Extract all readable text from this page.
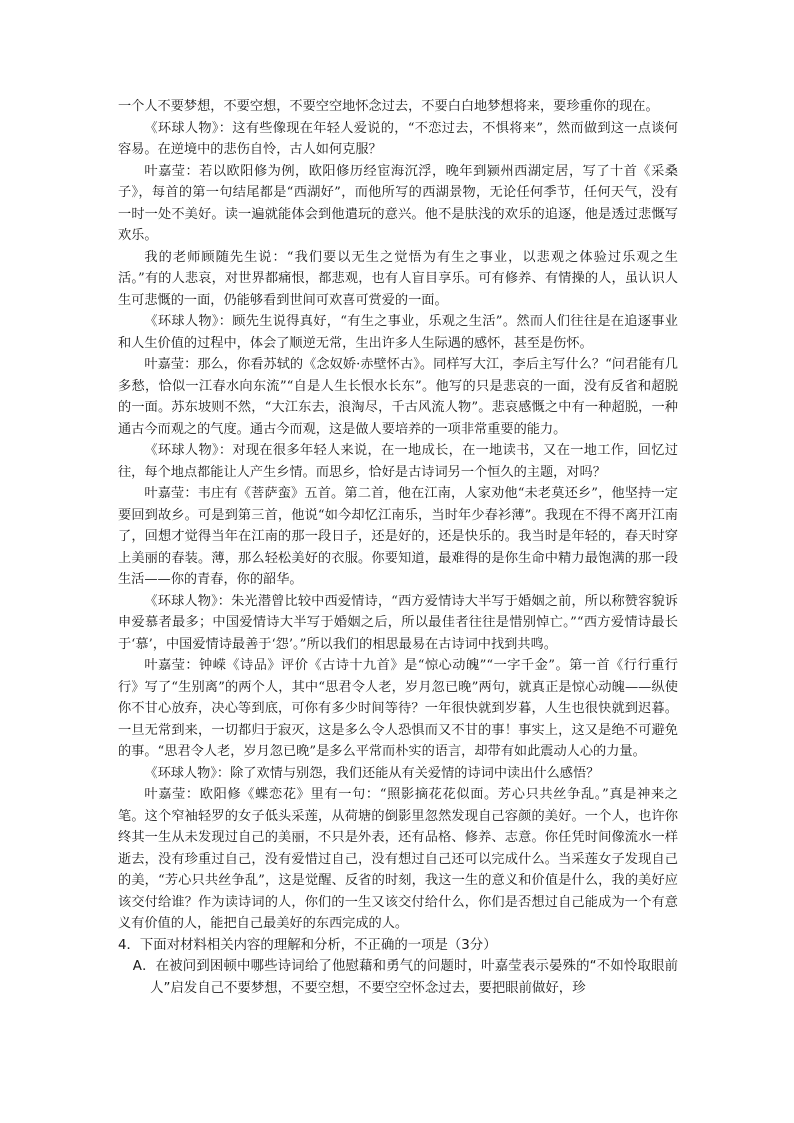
一个人不要梦想，不要空想，不要空空地怀念过去，不要白白地梦想将来，要珍重你的现在。

《环球人物》：这有些像现在年轻人爱说的，“不恋过去，不惧将来”，然而做到这一点谈何容易。在逆境中的悲伤自怜，古人如何克服？

叶嘉莹：若以欧阳修为例，欧阳修历经宦海沉浮，晚年到颍州西湖定居，写了十首《采桑子》，每首的第一句结尾都是“西湖好”，而他所写的西湖景物，无论任何季节，任何天气，没有一时一处不美好。读一遍就能体会到他遣玩的意兴。他不是肤浅的欢乐的追逐，他是透过悲慨写欢乐。

我的老师顾随先生说：“我们要以无生之觉悟为有生之事业，以悲观之体验过乐观之生活。”有的人悲哀，对世界都痛恨，都悲观，也有人盲目享乐。可有修养、有情操的人，虽认识人生可悲慨的一面，仍能够看到世间可欢喜可赏爱的一面。

《环球人物》：顾先生说得真好，“有生之事业，乐观之生活”。然而人们往往是在追逐事业和人生价值的过程中，体会了顺逆无常，生出许多人生际遇的感怀，甚至是伤怀。

叶嘉莹：那么，你看苏轼的《念奴娇·赤壁怀古》。同样写大江，李后主写什么？“问君能有几多愁，恰似一江春水向东流”“自是人生长恨水长东”。他写的只是悲哀的一面，没有反省和超脱的一面。苏东坡则不然，“大江东去，浪淘尽，千古风流人物”。悲哀感慨之中有一种超脱，一种通古今而观之的气度。通古今而观，这是做人要培养的一项非常重要的能力。

《环球人物》：对现在很多年轻人来说，在一地成长，在一地读书，又在一地工作，回忆过往，每个地点都能让人产生乡情。而思乡，恰好是古诗词另一个恒久的主题，对吗？

叶嘉莹：韦庄有《菩萨蛮》五首。第二首，他在江南，人家劝他“未老莫还乡”，他坚持一定要回到故乡。可是到第三首，他说“如今却忆江南乐，当时年少春衫薄”。我现在不得不离开江南了，回想才觉得当年在江南的那一段日子，还是好的，还是快乐的。我当时是年轻的，春天时穿上美丽的春装。薄，那么轻松美好的衣服。你要知道，最难得的是你生命中精力最饱满的那一段生活——你的青春，你的韶华。

《环球人物》：朱光潜曾比较中西爱情诗，“西方爱情诗大半写于婚姻之前，所以称赞容貌诉申爱慕者最多；中国爱情诗大半写于婚姻之后，所以最佳者往往是惜别悼亡。”“西方爱情诗最长于‘慕’，中国爱情诗最善于‘怨’。”所以我们的相思最易在古诗词中找到共鸣。

叶嘉莹：钟嵘《诗品》评价《古诗十九首》是“惊心动魄”“一字千金”。第一首《行行重行行》写了“生别离”的两个人，其中“思君令人老，岁月忽已晚”两句，就真正是惊心动魄——纵使你不甘心放弃，决心等到底，可你有多少时间等待？一年很快就到岁暮，人生也很快就到迟暮。一旦无常到来，一切都归于寂灭，这是多么令人恐惧而又不甘的事！事实上，这又是绝不可避免的事。“思君令人老，岁月忽已晚”是多么平常而朴实的语言，却带有如此震动人心的力量。

《环球人物》：除了欢情与别怨，我们还能从有关爱情的诗词中读出什么感悟？

叶嘉莹：欧阳修《蝶恋花》里有一句：“照影摘花花似面。芳心只共丝争乱。”真是神来之笔。这个窄袖轻罗的女子低头采莲，从荷塘的倒影里忽然发现自己容颜的美好。一个人，也许你终其一生从未发现过自己的美丽，不只是外表，还有品格、修养、志意。你任凭时间像流水一样逝去，没有珍重过自己，没有爱惜过自己，没有想过自己还可以完成什么。当采莲女子发现自己的美，“芳心只共丝争乱”，这是觉醒、反省的时刻，我这一生的意义和价值是什么，我的美好应该交付给谁？作为读诗词的人，你们的一生又该交付给什么，你们是否想过自己能成为一个有意义有价值的人，能把自己最美好的东西完成的人。

4．下面对材料相关内容的理解和分析，不正确的一项是（3分）

A．在被问到困顿中哪些诗词给了他慰藉和勇气的问题时，叶嘉莹表示晏殊的“不如怜取眼前人”启发自己不要梦想，不要空想，不要空空怀念过去，要把眼前做好，珍
